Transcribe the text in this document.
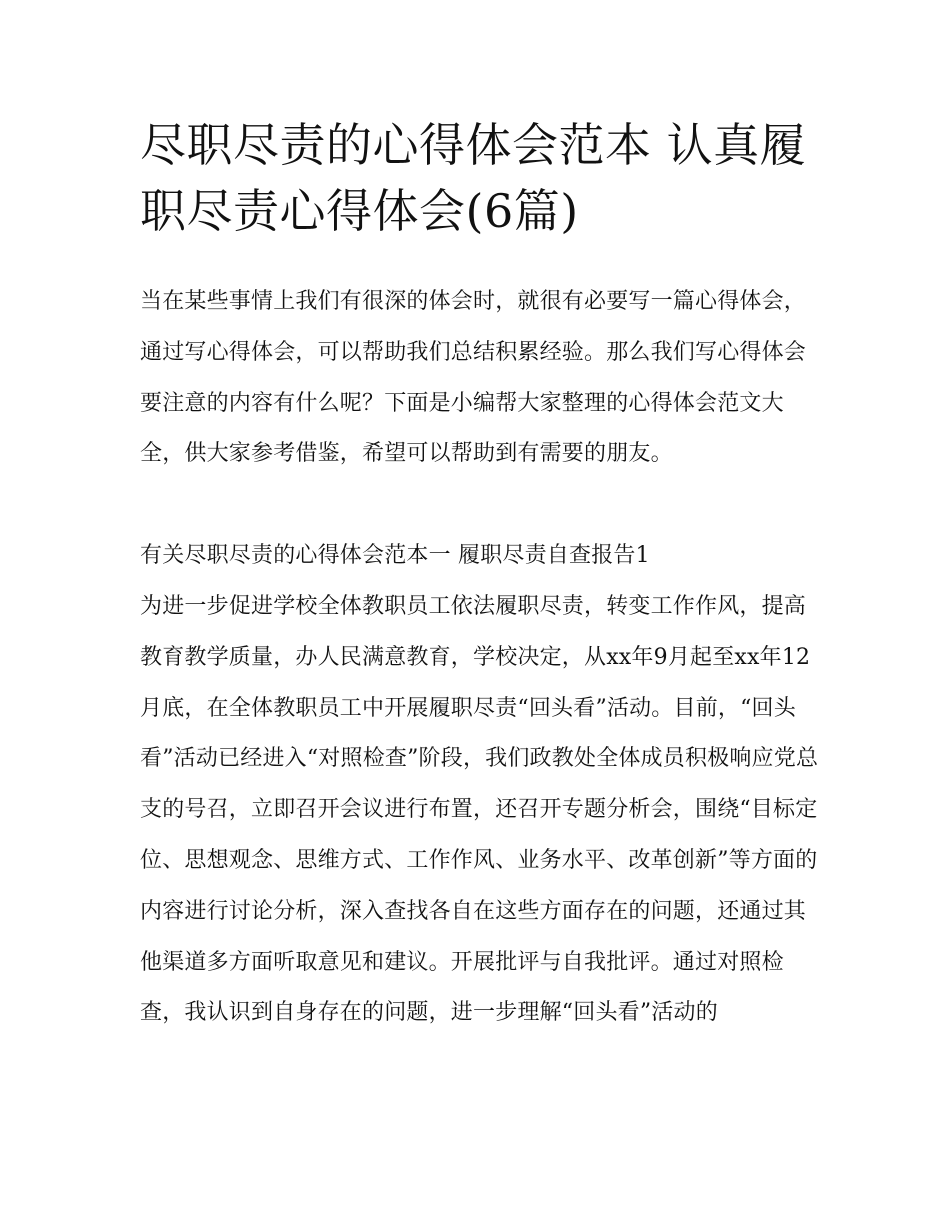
尽职尽责的心得体会范本 认真履职尽责心得体会(6篇)

当在某些事情上我们有很深的体会时，就很有必要写一篇心得体会，通过写心得体会，可以帮助我们总结积累经验。那么我们写心得体会要注意的内容有什么呢？下面是小编帮大家整理的心得体会范文大全，供大家参考借鉴，希望可以帮助到有需要的朋友。

有关尽职尽责的心得体会范本一 履职尽责自查报告1

为进一步促进学校全体教职员工依法履职尽责，转变工作作风，提高教育教学质量，办人民满意教育，学校决定，从xx年9月起至xx年12月底，在全体教职员工中开展履职尽责“回头看”活动。目前，“回头看”活动已经进入“对照检查”阶段，我们政教处全体成员积极响应党总支的号召，立即召开会议进行布置，还召开专题分析会，围绕“目标定位、思想观念、思维方式、工作作风、业务水平、改革创新”等方面的内容进行讨论分析，深入查找各自在这些方面存在的问题，还通过其他渠道多方面听取意见和建议。开展批评与自我批评。通过对照检查，我认识到自身存在的问题，进一步理解“回头看”活动的
